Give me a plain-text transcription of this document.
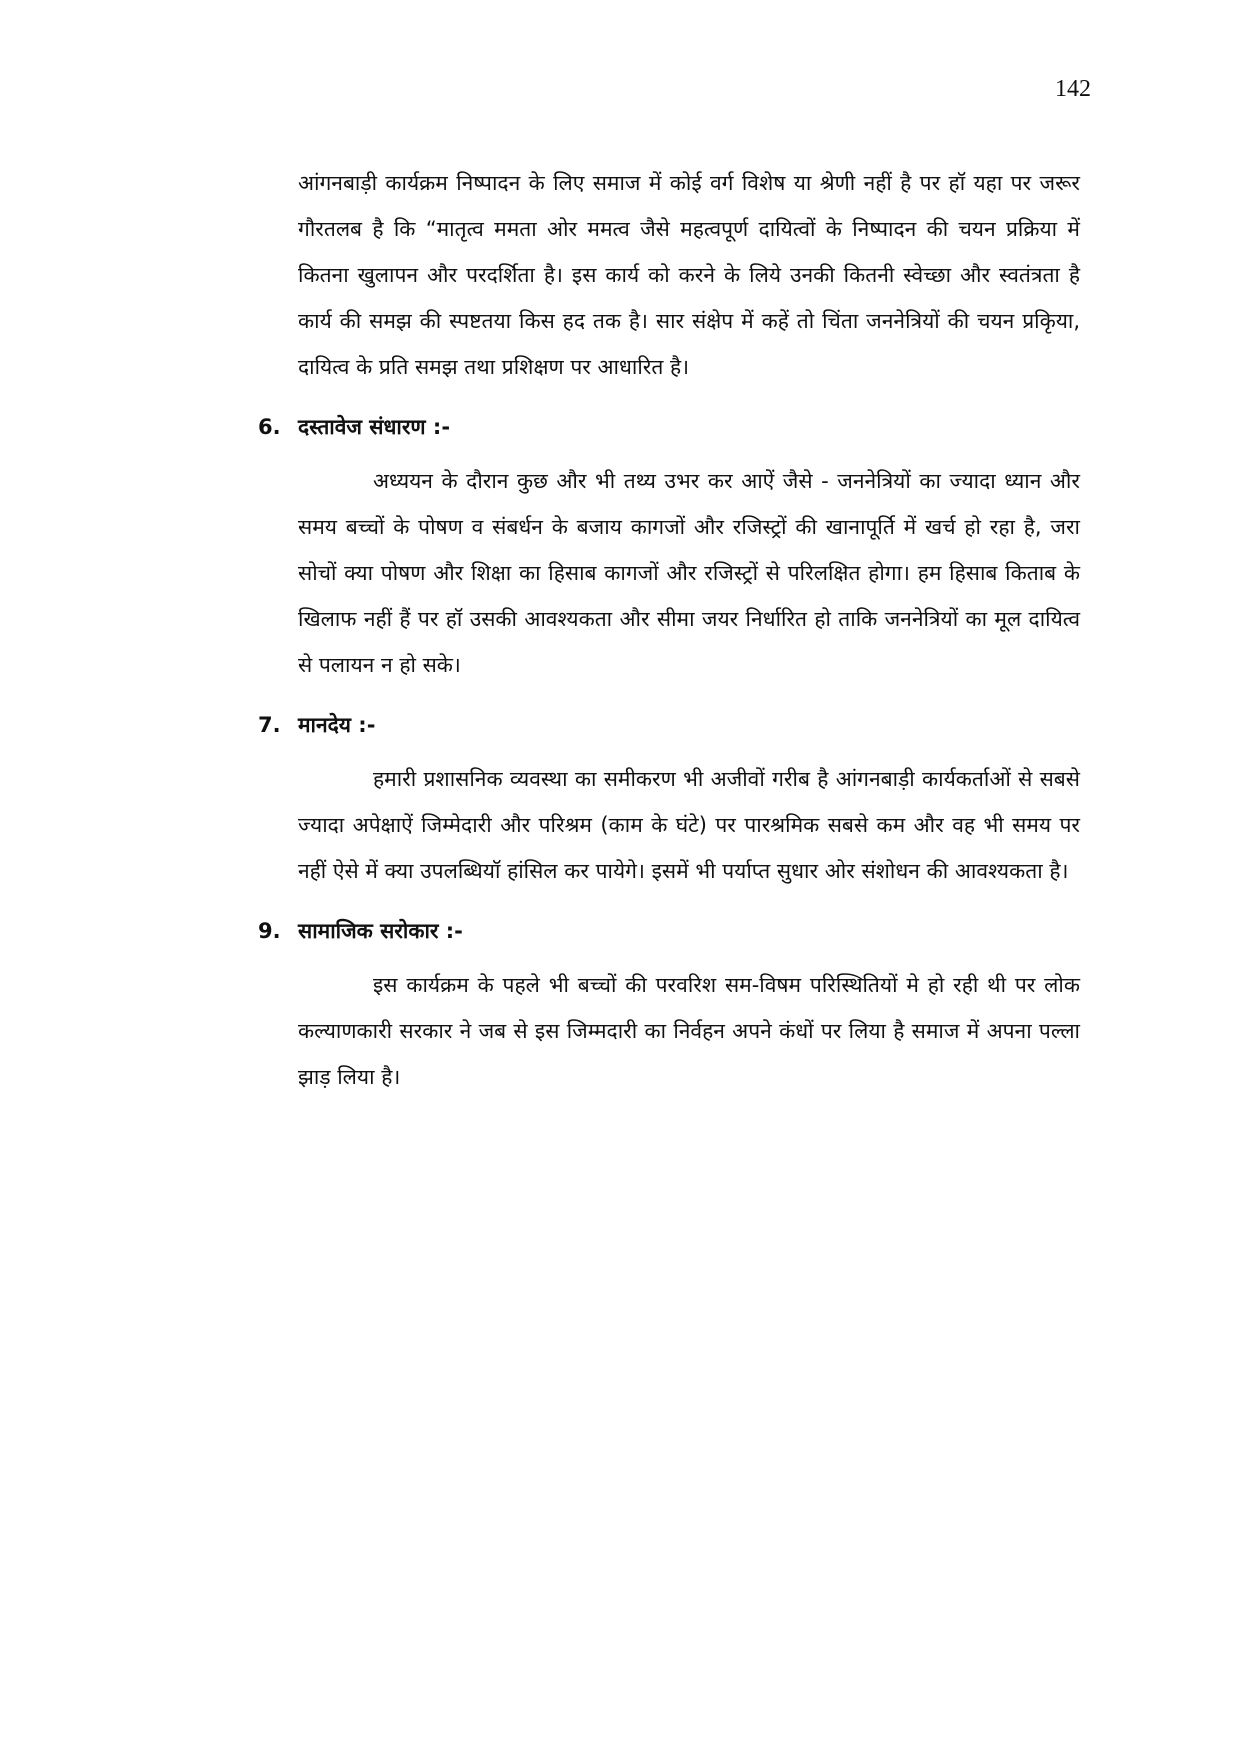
142

आंगनबाड़ी कार्यक्रम निष्पादन के लिए समाज में कोई वर्ग विशेष या श्रेणी नहीं है पर हॉ यहा पर जरूर गौरतलब है कि “मातृत्व ममता ओर ममत्व जैसे महत्वपूर्ण दायित्वों के निष्पादन की चयन प्रक्रिया में कितना खुलापन और परदर्शिता है। इस कार्य को करने के लिये उनकी कितनी स्वेच्छा और स्वतंत्रता है कार्य की समझ की स्पष्टतया किस हद तक है। सार संक्षेप में कहें तो चिंता जननेत्रियों की चयन प्रकृिया, दायित्व के प्रति समझ तथा प्रशिक्षण पर आधारित है।

6. दस्तावेज संधारण :-

अध्ययन के दौरान कुछ और भी तथ्य उभर कर आऐं जैसे - जननेत्रियों का ज्यादा ध्यान और समय बच्चों के पोषण व संबर्धन के बजाय कागजों और रजिस्ट्रों की खानापूर्ति में खर्च हो रहा है, जरा सोचों क्या पोषण और शिक्षा का हिसाब कागजों और रजिस्ट्रों से परिलक्षित होगा। हम हिसाब किताब के खिलाफ नहीं हैं पर हॉ उसकी आवश्यकता और सीमा जयर निर्धारित हो ताकि जननेत्रियों का मूल दायित्व से पलायन न हो सके।

7. मानदेय :-

हमारी प्रशासनिक व्यवस्था का समीकरण भी अजीवों गरीब है आंगनबाड़ी कार्यकर्ताओं से सबसे ज्यादा अपेक्षाऐं जिम्मेदारी और परिश्रम (काम के घंटे) पर पारश्रमिक सबसे कम और वह भी समय पर नहीं ऐसे में क्या उपलब्धियॉ हांसिल कर पायेगे। इसमें भी पर्याप्त सुधार ओर संशोधन की आवश्यकता है।

9. सामाजिक सरोकार :-

इस कार्यक्रम के पहले भी बच्चों की परवरिश सम-विषम परिस्थितियों मे हो रही थी पर लोक कल्याणकारी सरकार ने जब से इस जिम्मदारी का निर्वहन अपने कंधों पर लिया है समाज में अपना पल्ला झाड़ लिया है।
